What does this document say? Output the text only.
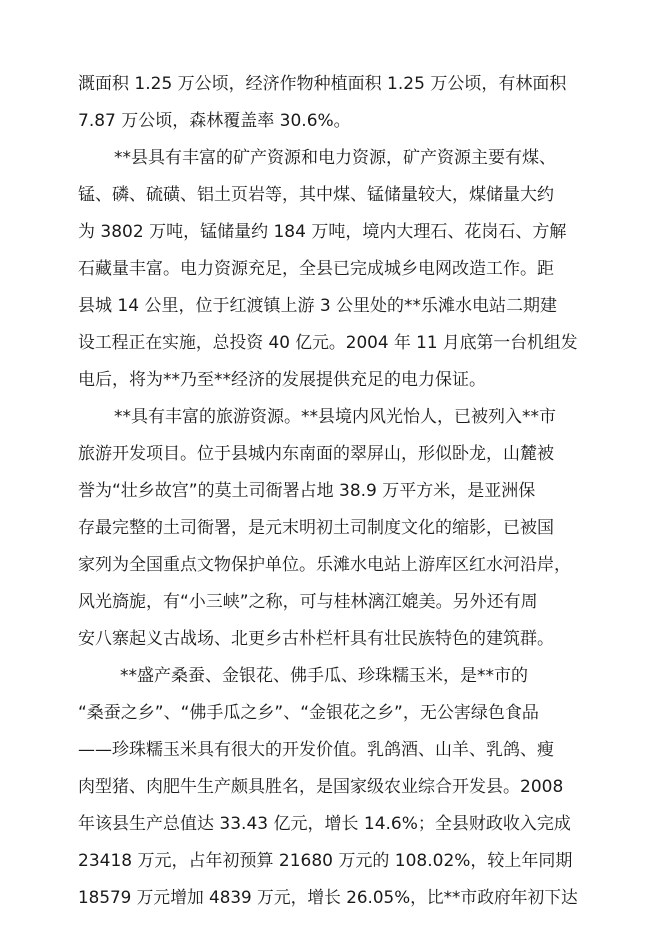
溉面积 1.25 万公顷，经济作物种植面积 1.25 万公顷，有林面积
7.87 万公顷，森林覆盖率 30.6%。
**县具有丰富的矿产资源和电力资源，矿产资源主要有煤、
锰、磷、硫磺、铝土页岩等，其中煤、锰储量较大，煤储量大约
为 3802 万吨，锰储量约 184 万吨，境内大理石、花岗石、方解
石藏量丰富。电力资源充足，全县已完成城乡电网改造工作。距
县城 14 公里，位于红渡镇上游 3 公里处的**乐滩水电站二期建
设工程正在实施，总投资 40 亿元。2004 年 11 月底第一台机组发
电后，将为**乃至**经济的发展提供充足的电力保证。
**具有丰富的旅游资源。**县境内风光怡人，已被列入**市
旅游开发项目。位于县城内东南面的翠屏山，形似卧龙，山麓被
誉为“壮乡故宫”的莫土司衙署占地 38.9 万平方米，是亚洲保
存最完整的土司衙署，是元末明初土司制度文化的缩影，已被国
家列为全国重点文物保护单位。乐滩水电站上游库区红水河沿岸，
风光旖旎，有“小三峡”之称，可与桂林漓江媲美。另外还有周
安八寨起义古战场、北更乡古朴栏杆具有壮民族特色的建筑群。
**盛产桑蚕、金银花、佛手瓜、珍珠糯玉米，是**市的
“桑蚕之乡”、“佛手瓜之乡”、“金银花之乡”，无公害绿色食品
——珍珠糯玉米具有很大的开发价值。乳鸽酒、山羊、乳鸽、瘦
肉型猪、肉肥牛生产颇具胜名，是国家级农业综合开发县。2008
年该县生产总值达 33.43 亿元，增长 14.6%；全县财政收入完成
23418 万元，占年初预算 21680 万元的 108.02%，较上年同期
18579 万元增加 4839 万元，增长 26.05%，比**市政府年初下达
